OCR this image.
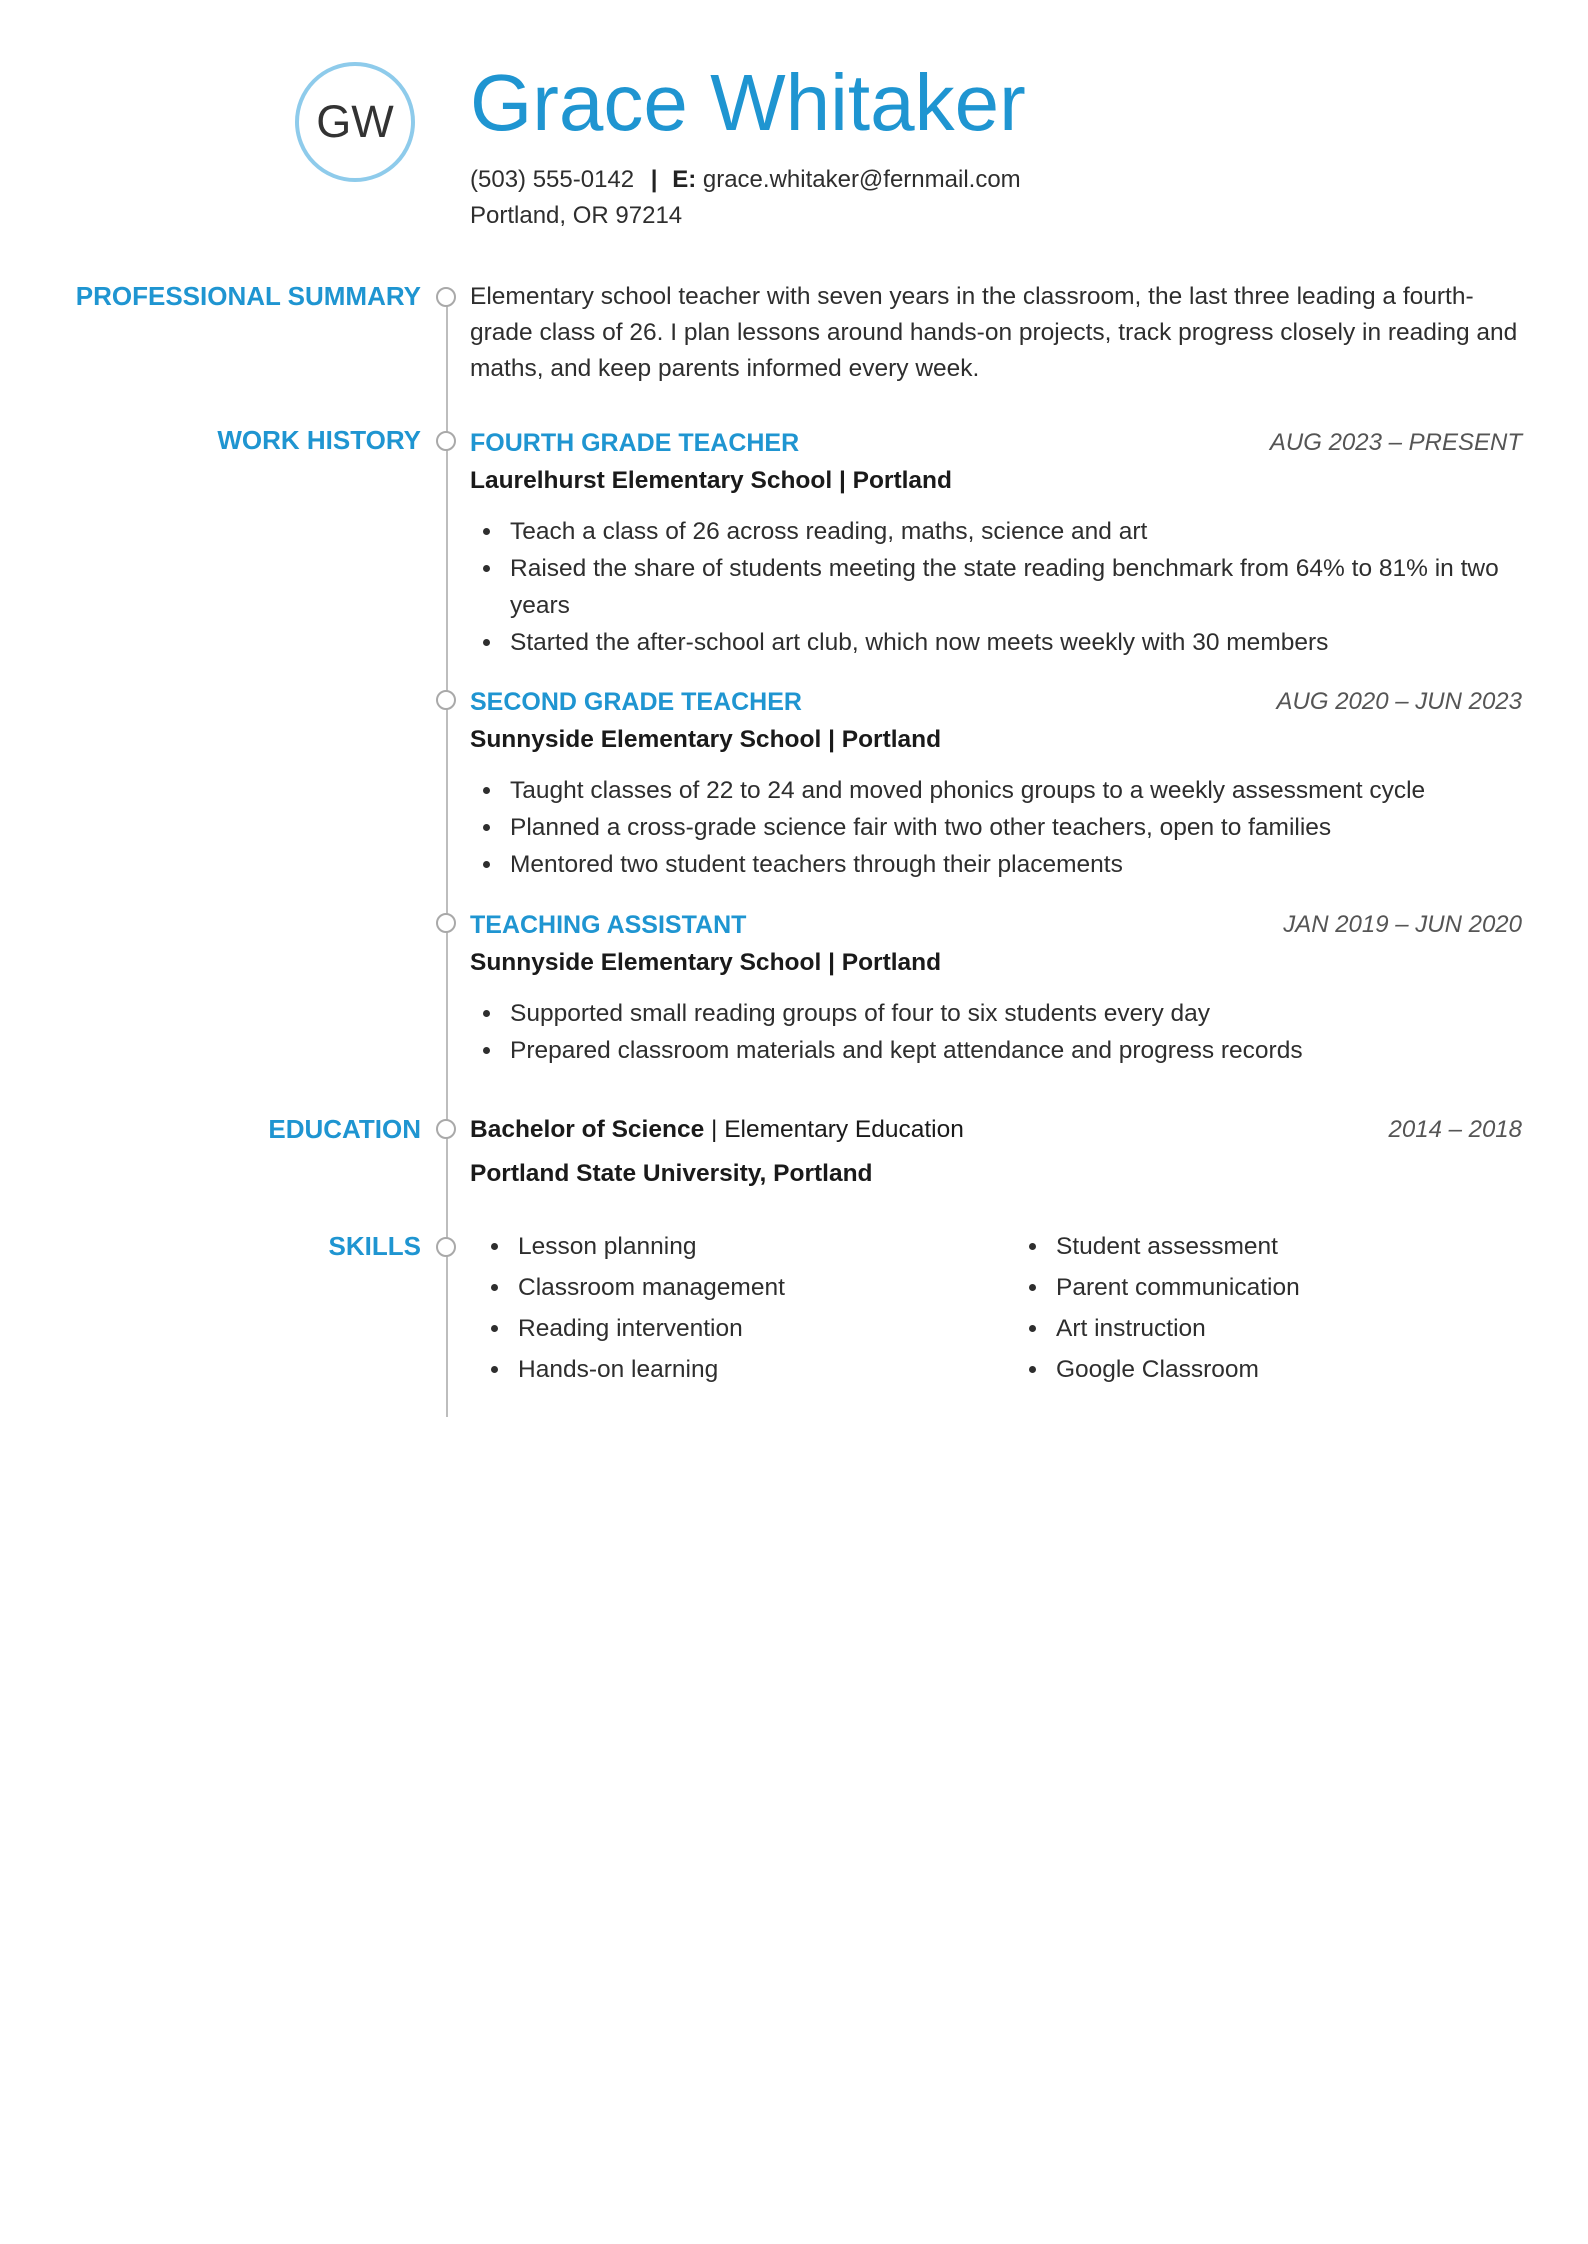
GW Grace Whitaker
(503) 555-0142 | E: grace.whitaker@fernmail.com
Portland, OR 97214
PROFESSIONAL SUMMARY Elementary school teacher with seven years in the classroom, the last three leading a fourth-grade class of 26. I plan lessons around hands-on projects, track progress closely in reading and maths, and keep parents informed every week.
WORK HISTORY FOURTH GRADE TEACHER	AUG 2023 – PRESENT
Laurelhurst Elementary School | Portland
Teach a class of 26 across reading, maths, science and art
Raised the share of students meeting the state reading benchmark from 64% to 81% in two years
Started the after-school art club, which now meets weekly with 30 members
SECOND GRADE TEACHER	AUG 2020 – JUN 2023
Sunnyside Elementary School | Portland
Taught classes of 22 to 24 and moved phonics groups to a weekly assessment cycle
Planned a cross-grade science fair with two other teachers, open to families
Mentored two student teachers through their placements
TEACHING ASSISTANT	JAN 2019 – JUN 2020
Sunnyside Elementary School | Portland
Supported small reading groups of four to six students every day
Prepared classroom materials and kept attendance and progress records
EDUCATION Bachelor of Science | Elementary Education	2014 – 2018
Portland State University, Portland
SKILLS	Lesson planning
Classroom management
Reading intervention
Hands-on learning
Student assessment
Parent communication
Art instruction
Google Classroom
